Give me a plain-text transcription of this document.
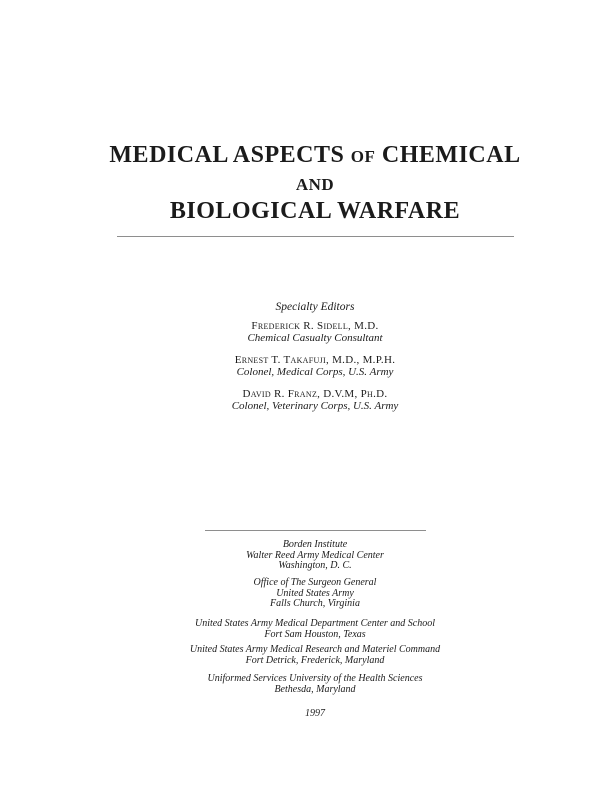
MEDICAL ASPECTS OF CHEMICAL
AND
BIOLOGICAL WARFARE
Specialty Editors
Frederick R. Sidell, M.D.
Chemical Casualty Consultant
Ernest T. Takafuji, M.D., M.P.H.
Colonel, Medical Corps, U.S. Army
David R. Franz, D.V.M, Ph.D.
Colonel, Veterinary Corps, U.S. Army
Borden Institute
Walter Reed Army Medical Center
Washington, D. C.
Office of The Surgeon General
United States Army
Falls Church, Virginia
United States Army Medical Department Center and School
Fort Sam Houston, Texas
United States Army Medical Research and Materiel Command
Fort Detrick, Frederick, Maryland
Uniformed Services University of the Health Sciences
Bethesda, Maryland
1997
